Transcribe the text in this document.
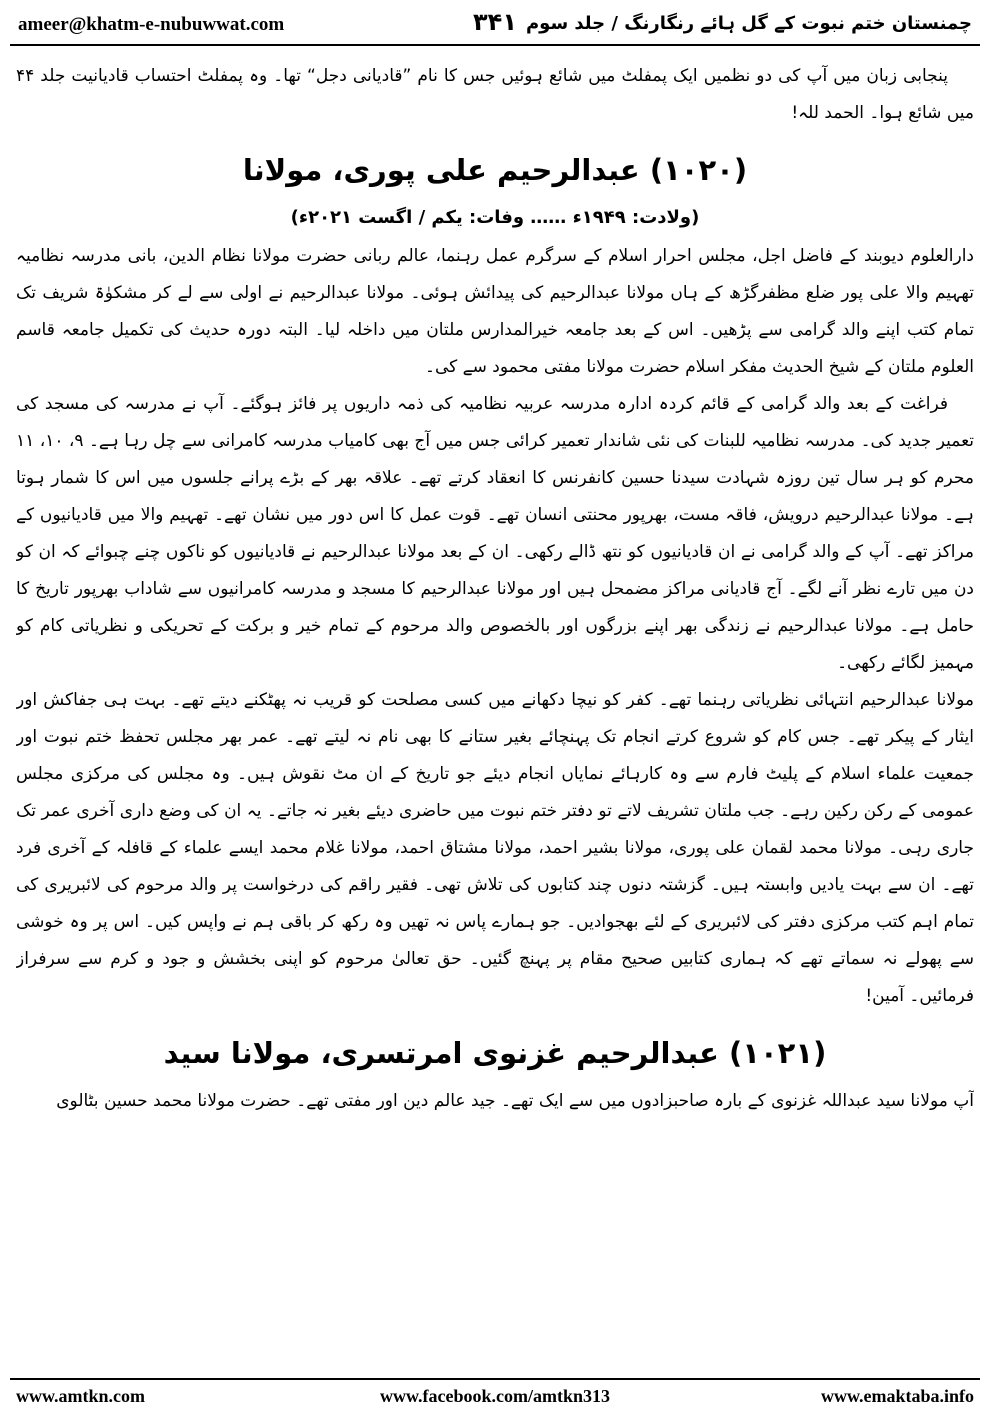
ameer@khatm-e-nubuwwat.com	۳۴۱ چمنستان ختم نبوت کے گل ہائے رنگارنگ / جلد سوم

پنجابی زبان میں آپ کی دو نظمیں ایک پمفلٹ میں شائع ہوئیں جس کا نام ”قادیانی دجل“ تھا۔ وہ پمفلٹ احتساب قادیانیت جلد ۴۴ میں شائع ہوا۔ الحمد للہ!

(۱۰۲۰) عبدالرحیم علی پوری، مولانا
(ولادت: ۱۹۴۹ء …… وفات: یکم / اگست ۲۰۲۱ء)

دارالعلوم دیوبند کے فاضل اجل، مجلس احرار اسلام کے سرگرم عمل رہنما، عالم ربانی حضرت مولانا نظام الدین، بانی مدرسہ نظامیہ تھہیم والا علی پور ضلع مظفرگڑھ کے ہاں مولانا عبدالرحیم کی پیدائش ہوئی۔ مولانا عبدالرحیم نے اولی سے لے کر مشکوٰۃ شریف تک تمام کتب اپنے والد گرامی سے پڑھیں۔ اس کے بعد جامعہ خیرالمدارس ملتان میں داخلہ لیا۔ البتہ دورہ حدیث کی تکمیل جامعہ قاسم العلوم ملتان کے شیخ الحدیث مفکر اسلام حضرت مولانا مفتی محمود سے کی۔

فراغت کے بعد والد گرامی کے قائم کردہ ادارہ مدرسہ عربیہ نظامیہ کی ذمہ داریوں پر فائز ہوگئے۔ آپ نے مدرسہ کی مسجد کی تعمیر جدید کی۔ مدرسہ نظامیہ للبنات کی نئی شاندار تعمیر کرائی جس میں آج بھی کامیاب مدرسہ کامرانی سے چل رہا ہے۔ ۹، ۱۰، ۱۱ محرم کو ہر سال تین روزہ شہادت سیدنا حسین کانفرنس کا انعقاد کرتے تھے۔ علاقہ بھر کے بڑے پرانے جلسوں میں اس کا شمار ہوتا ہے۔ مولانا عبدالرحیم درویش، فاقہ مست، بھرپور محنتی انسان تھے۔ قوت عمل کا اس دور میں نشان تھے۔ تھہیم والا میں قادیانیوں کے مراکز تھے۔ آپ کے والد گرامی نے ان قادیانیوں کو نتھ ڈالے رکھی۔ ان کے بعد مولانا عبدالرحیم نے قادیانیوں کو ناکوں چنے چبوائے کہ ان کو دن میں تارے نظر آنے لگے۔ آج قادیانی مراکز مضمحل ہیں اور مولانا عبدالرحیم کا مسجد و مدرسہ کامرانیوں سے شاداب بھرپور تاریخ کا حامل ہے۔ مولانا عبدالرحیم نے زندگی بھر اپنے بزرگوں اور بالخصوص والد مرحوم کے تمام خیر و برکت کے تحریکی و نظریاتی کام کو مہمیز لگائے رکھی۔

مولانا عبدالرحیم انتہائی نظریاتی رہنما تھے۔ کفر کو نیچا دکھانے میں کسی مصلحت کو قریب نہ پھٹکنے دیتے تھے۔ بہت ہی جفاکش اور ایثار کے پیکر تھے۔ جس کام کو شروع کرتے انجام تک پہنچائے بغیر ستانے کا بھی نام نہ لیتے تھے۔ عمر بھر مجلس تحفظ ختم نبوت اور جمعیت علماء اسلام کے پلیٹ فارم سے وہ کارہائے نمایاں انجام دیئے جو تاریخ کے ان مٹ نقوش ہیں۔ وہ مجلس کی مرکزی مجلس عمومی کے رکن رکین رہے۔ جب ملتان تشریف لاتے تو دفتر ختم نبوت میں حاضری دیئے بغیر نہ جاتے۔ یہ ان کی وضع داری آخری عمر تک جاری رہی۔ مولانا محمد لقمان علی پوری، مولانا بشیر احمد، مولانا مشتاق احمد، مولانا غلام محمد ایسے علماء کے قافلہ کے آخری فرد تھے۔ ان سے بہت یادیں وابستہ ہیں۔ گزشتہ دنوں چند کتابوں کی تلاش تھی۔ فقیر راقم کی درخواست پر والد مرحوم کی لائبریری کی تمام اہم کتب مرکزی دفتر کی لائبریری کے لئے بھجوادیں۔ جو ہمارے پاس نہ تھیں وہ رکھ کر باقی ہم نے واپس کیں۔ اس پر وہ خوشی سے پھولے نہ سماتے تھے کہ ہماری کتابیں صحیح مقام پر پہنچ گئیں۔ حق تعالیٰ مرحوم کو اپنی بخشش و جود و کرم سے سرفراز فرمائیں۔ آمین!

(۱۰۲۱) عبدالرحیم غزنوی امرتسری، مولانا سید

آپ مولانا سید عبداللہ غزنوی کے بارہ صاحبزادوں میں سے ایک تھے۔ جید عالم دین اور مفتی تھے۔ حضرت مولانا محمد حسین بٹالوی

www.amtkn.com	www.facebook.com/amtkn313	www.emaktaba.info
